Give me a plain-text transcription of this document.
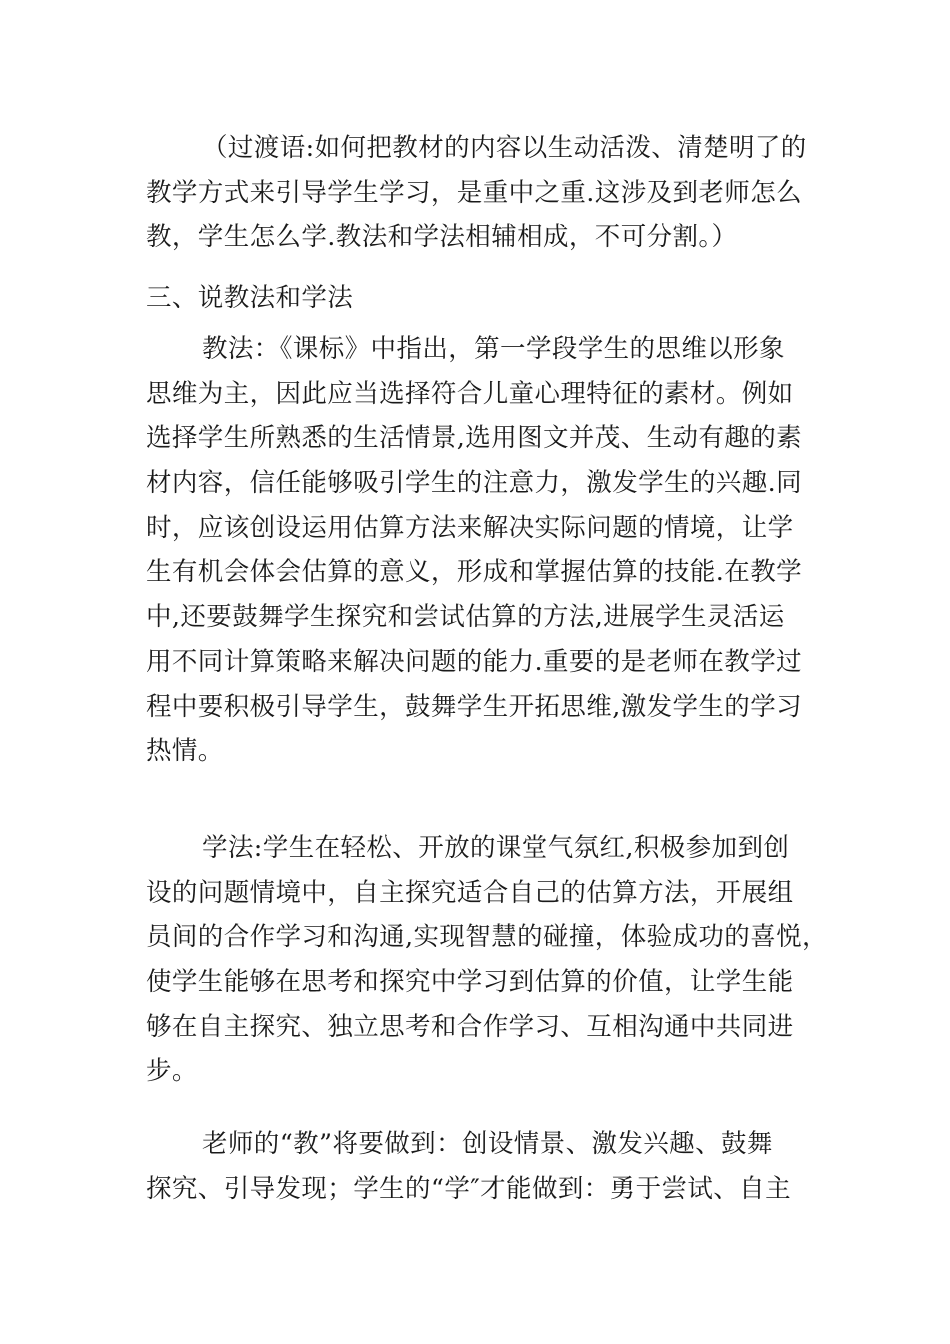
（过渡语:如何把教材的内容以生动活泼、清楚明了的
教学方式来引导学生学习，是重中之重.这涉及到老师怎么
教，学生怎么学.教法和学法相辅相成，不可分割。）
三、说教法和学法
教法：《课标》中指出，第一学段学生的思维以形象
思维为主，因此应当选择符合儿童心理特征的素材。例如
选择学生所熟悉的生活情景,选用图文并茂、生动有趣的素
材内容，信任能够吸引学生的注意力，激发学生的兴趣.同
时，应该创设运用估算方法来解决实际问题的情境，让学
生有机会体会估算的意义，形成和掌握估算的技能.在教学
中,还要鼓舞学生探究和尝试估算的方法,进展学生灵活运
用不同计算策略来解决问题的能力.重要的是老师在教学过
程中要积极引导学生，鼓舞学生开拓思维,激发学生的学习
热情。
学法:学生在轻松、开放的课堂气氛红,积极参加到创
设的问题情境中，自主探究适合自己的估算方法，开展组
员间的合作学习和沟通,实现智慧的碰撞，体验成功的喜悦，
使学生能够在思考和探究中学习到估算的价值，让学生能
够在自主探究、独立思考和合作学习、互相沟通中共同进
步。
老师的“教”将要做到：创设情景、激发兴趣、鼓舞
探究、引导发现；学生的“学″才能做到：勇于尝试、自主
